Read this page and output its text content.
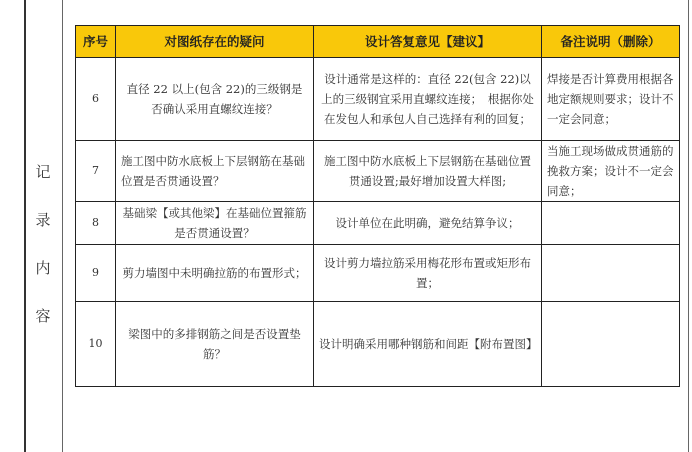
记
录
内
容
序号	对图纸存在的疑问	设计答复意见【建议】	备注说明（删除）
6	直径 22 以上(包含 22)的三级钢是否确认采用直螺纹连接？	设计通常是这样的：直径 22(包含 22)以上的三级钢宜采用直螺纹连接；　根据你处在发包人和承包人自己选择有利的回复；	焊接是否计算费用根据各地定额规则要求；设计不一定会同意；
7	施工图中防水底板上下层钢筋在基础位置是否贯通设置？	施工图中防水底板上下层钢筋在基础位置贯通设置;最好增加设置大样图;	当施工现场做成贯通筋的挽救方案；设计不一定会同意；
8	基础梁【或其他梁】在基础位置箍筋是否贯通设置？	设计单位在此明确，避免结算争议；	
9	剪力墙图中未明确拉筋的布置形式；	设计剪力墙拉筋采用梅花形布置或矩形布置；	
10	梁图中的多排钢筋之间是否设置垫筋？	设计明确采用哪种钢筋和间距【附布置图】	
